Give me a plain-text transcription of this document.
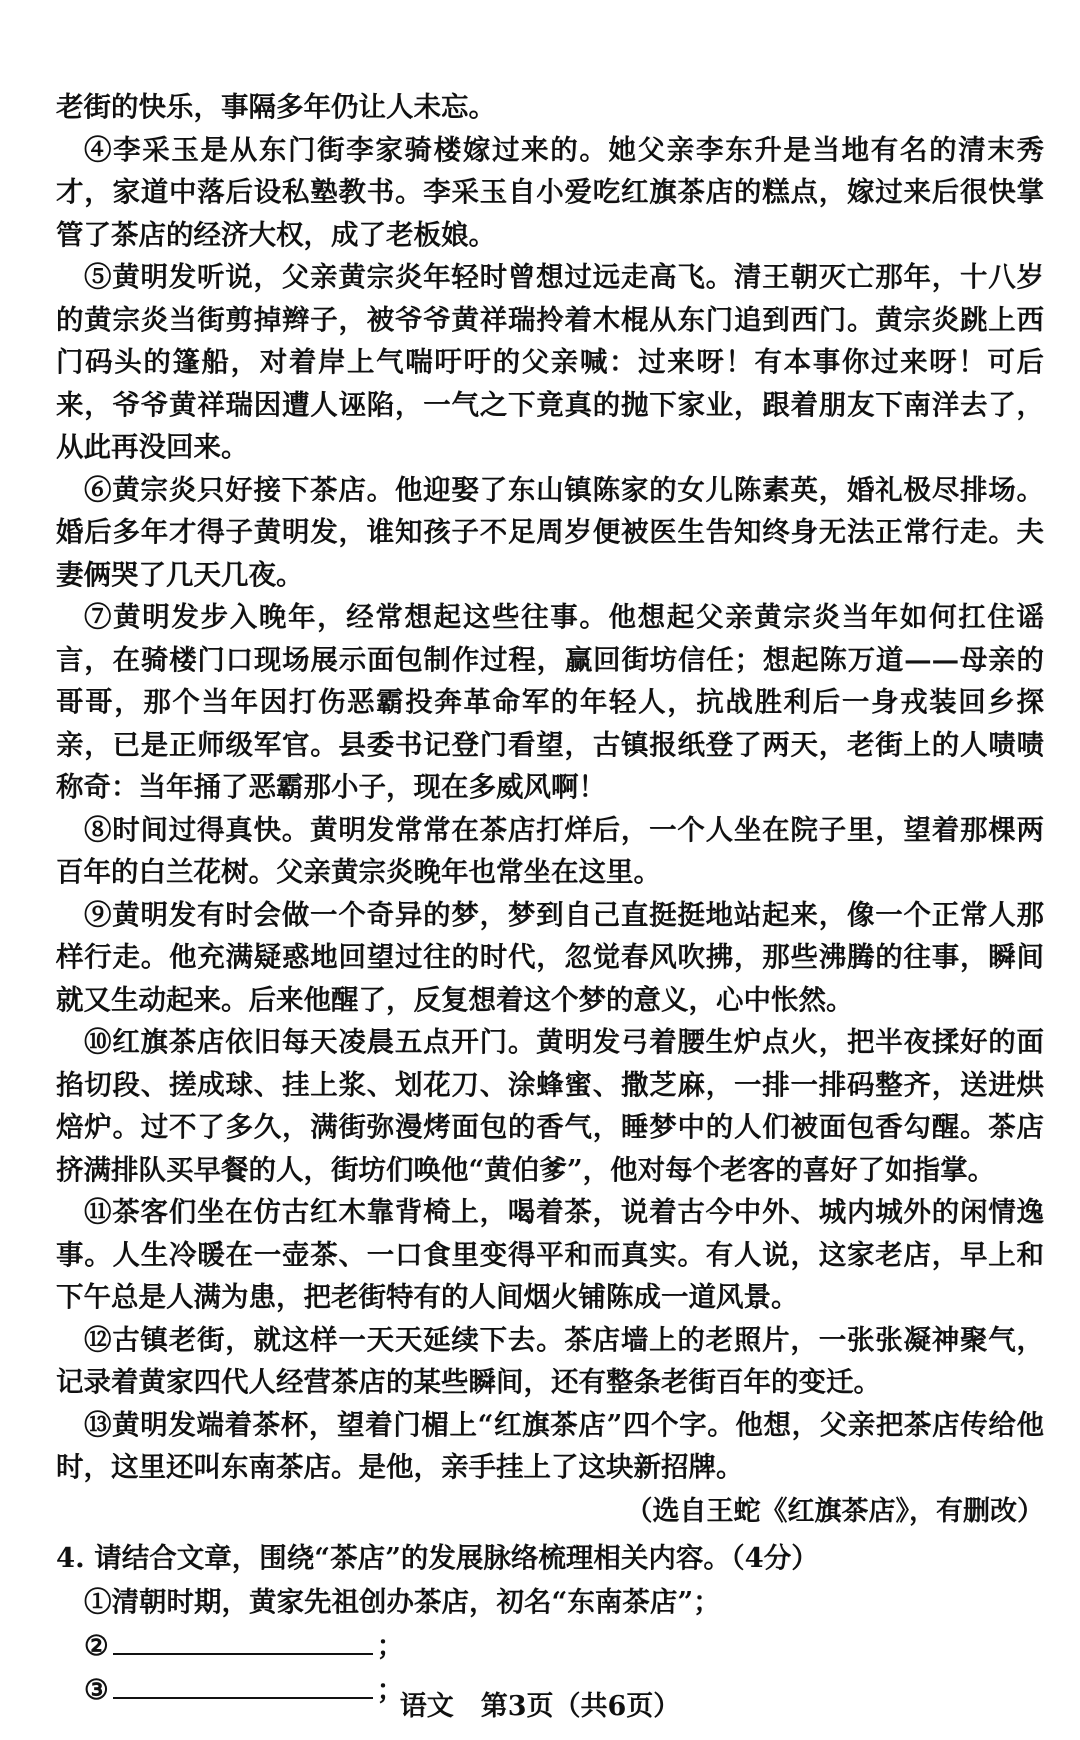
老街的快乐，事隔多年仍让人未忘。

④李采玉是从东门街李家骑楼嫁过来的。她父亲李东升是当地有名的清末秀才，家道中落后设私塾教书。李采玉自小爱吃红旗茶店的糕点，嫁过来后很快掌管了茶店的经济大权，成了老板娘。

⑤黄明发听说，父亲黄宗炎年轻时曾想过远走高飞。清王朝灭亡那年，十八岁的黄宗炎当街剪掉辫子，被爷爷黄祥瑞拎着木棍从东门追到西门。黄宗炎跳上西门码头的篷船，对着岸上气喘吁吁的父亲喊：过来呀！有本事你过来呀！可后来，爷爷黄祥瑞因遭人诬陷，一气之下竟真的抛下家业，跟着朋友下南洋去了，从此再没回来。

⑥黄宗炎只好接下茶店。他迎娶了东山镇陈家的女儿陈素英，婚礼极尽排场。婚后多年才得子黄明发，谁知孩子不足周岁便被医生告知终身无法正常行走。夫妻俩哭了几天几夜。

⑦黄明发步入晚年，经常想起这些往事。他想起父亲黄宗炎当年如何扛住谣言，在骑楼门口现场展示面包制作过程，赢回街坊信任；想起陈万道——母亲的哥哥，那个当年因打伤恶霸投奔革命军的年轻人，抗战胜利后一身戎装回乡探亲，已是正师级军官。县委书记登门看望，古镇报纸登了两天，老街上的人啧啧称奇：当年捅了恶霸那小子，现在多威风啊！

⑧时间过得真快。黄明发常常在茶店打烊后，一个人坐在院子里，望着那棵两百年的白兰花树。父亲黄宗炎晚年也常坐在这里。

⑨黄明发有时会做一个奇异的梦，梦到自己直挺挺地站起来，像一个正常人那样行走。他充满疑惑地回望过往的时代，忽觉春风吹拂，那些沸腾的往事，瞬间就又生动起来。后来他醒了，反复想着这个梦的意义，心中怅然。

⑩红旗茶店依旧每天凌晨五点开门。黄明发弓着腰生炉点火，把半夜揉好的面掐切段、搓成球、挂上浆、划花刀、涂蜂蜜、撒芝麻，一排一排码整齐，送进烘焙炉。过不了多久，满街弥漫烤面包的香气，睡梦中的人们被面包香勾醒。茶店挤满排队买早餐的人，街坊们唤他“黄伯爹”，他对每个老客的喜好了如指掌。

⑪茶客们坐在仿古红木靠背椅上，喝着茶，说着古今中外、城内城外的闲情逸事。人生冷暖在一壶茶、一口食里变得平和而真实。有人说，这家老店，早上和下午总是人满为患，把老街特有的人间烟火铺陈成一道风景。

⑫古镇老街，就这样一天天延续下去。茶店墙上的老照片，一张张凝神聚气，记录着黄家四代人经营茶店的某些瞬间，还有整条老街百年的变迁。

⑬黄明发端着茶杯，望着门楣上“红旗茶店”四个字。他想，父亲把茶店传给他时，这里还叫东南茶店。是他，亲手挂上了这块新招牌。

（选自王蛇《红旗茶店》，有删改）

4. 请结合文章，围绕“茶店”的发展脉络梳理相关内容。（4分）

①清朝时期，黄家先祖创办茶店，初名“东南茶店”；

②	；

③	；

语文　第3页（共6页）
